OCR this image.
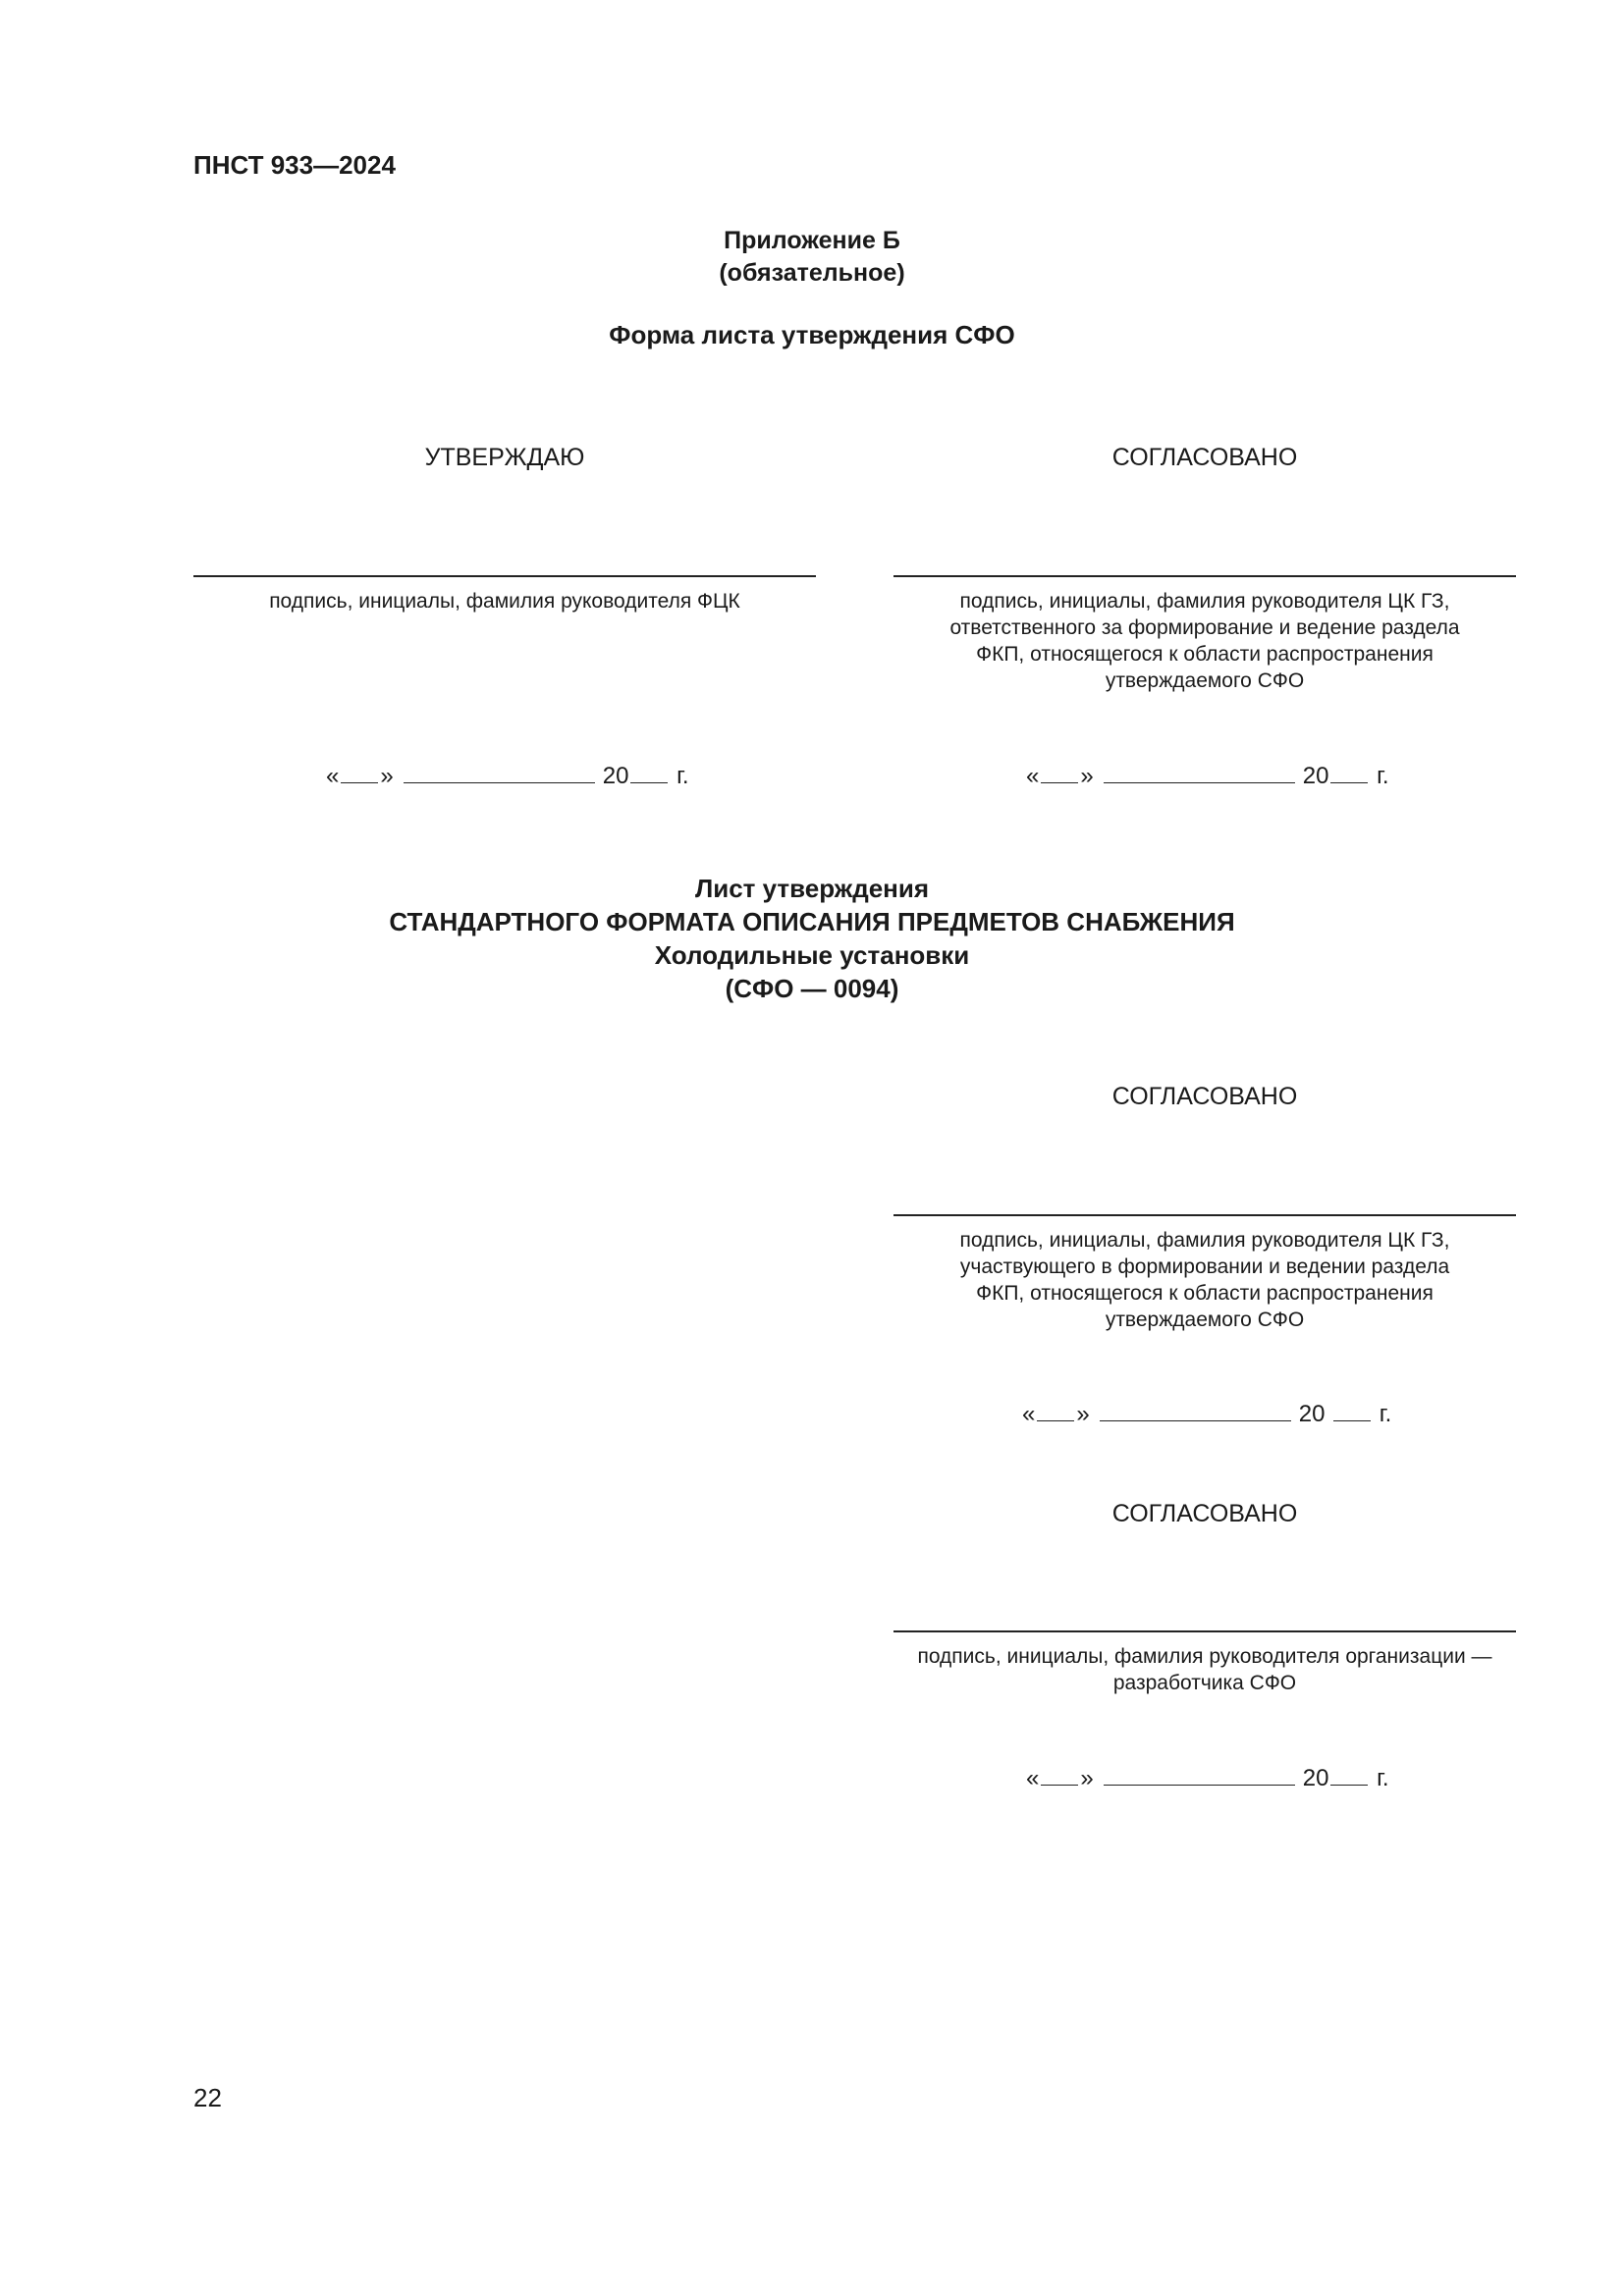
ПНСТ 933—2024
Приложение Б
(обязательное)
Форма листа утверждения СФО
УТВЕРЖДАЮ
подпись, инициалы, фамилия руководителя ФЦК
« »	20 г.
СОГЛАСОВАНО
подпись, инициалы, фамилия руководителя ЦК ГЗ,
ответственного за формирование и ведение раздела
ФКП, относящегося к области распространения
утверждаемого СФО
« »	20 г.
Лист утверждения
СТАНДАРТНОГО ФОРМАТА ОПИСАНИЯ ПРЕДМЕТОВ СНАБЖЕНИЯ
Холодильные установки
(СФО — 0094)
СОГЛАСОВАНО
подпись, инициалы, фамилия руководителя ЦК ГЗ,
участвующего в формировании и ведении раздела
ФКП, относящегося к области распространения
утверждаемого СФО
« »	20 г.
СОГЛАСОВАНО
подпись, инициалы, фамилия руководителя организации —
разработчика СФО
« »	20 г.
22
